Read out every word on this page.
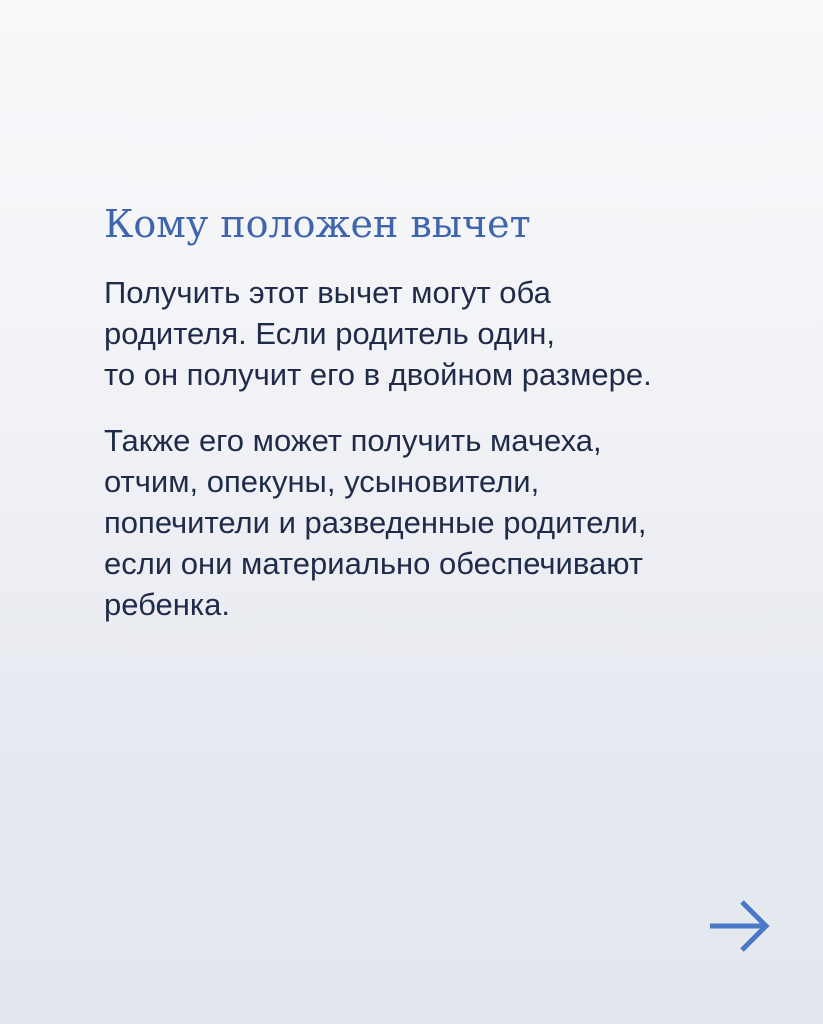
Кому положен вычет

Получить этот вычет могут оба
родителя. Если родитель один,
то он получит его в двойном размере.

Также его может получить мачеха,
отчим, опекуны, усыновители,
попечители и разведенные родители,
если они материально обеспечивают
ребенка.
